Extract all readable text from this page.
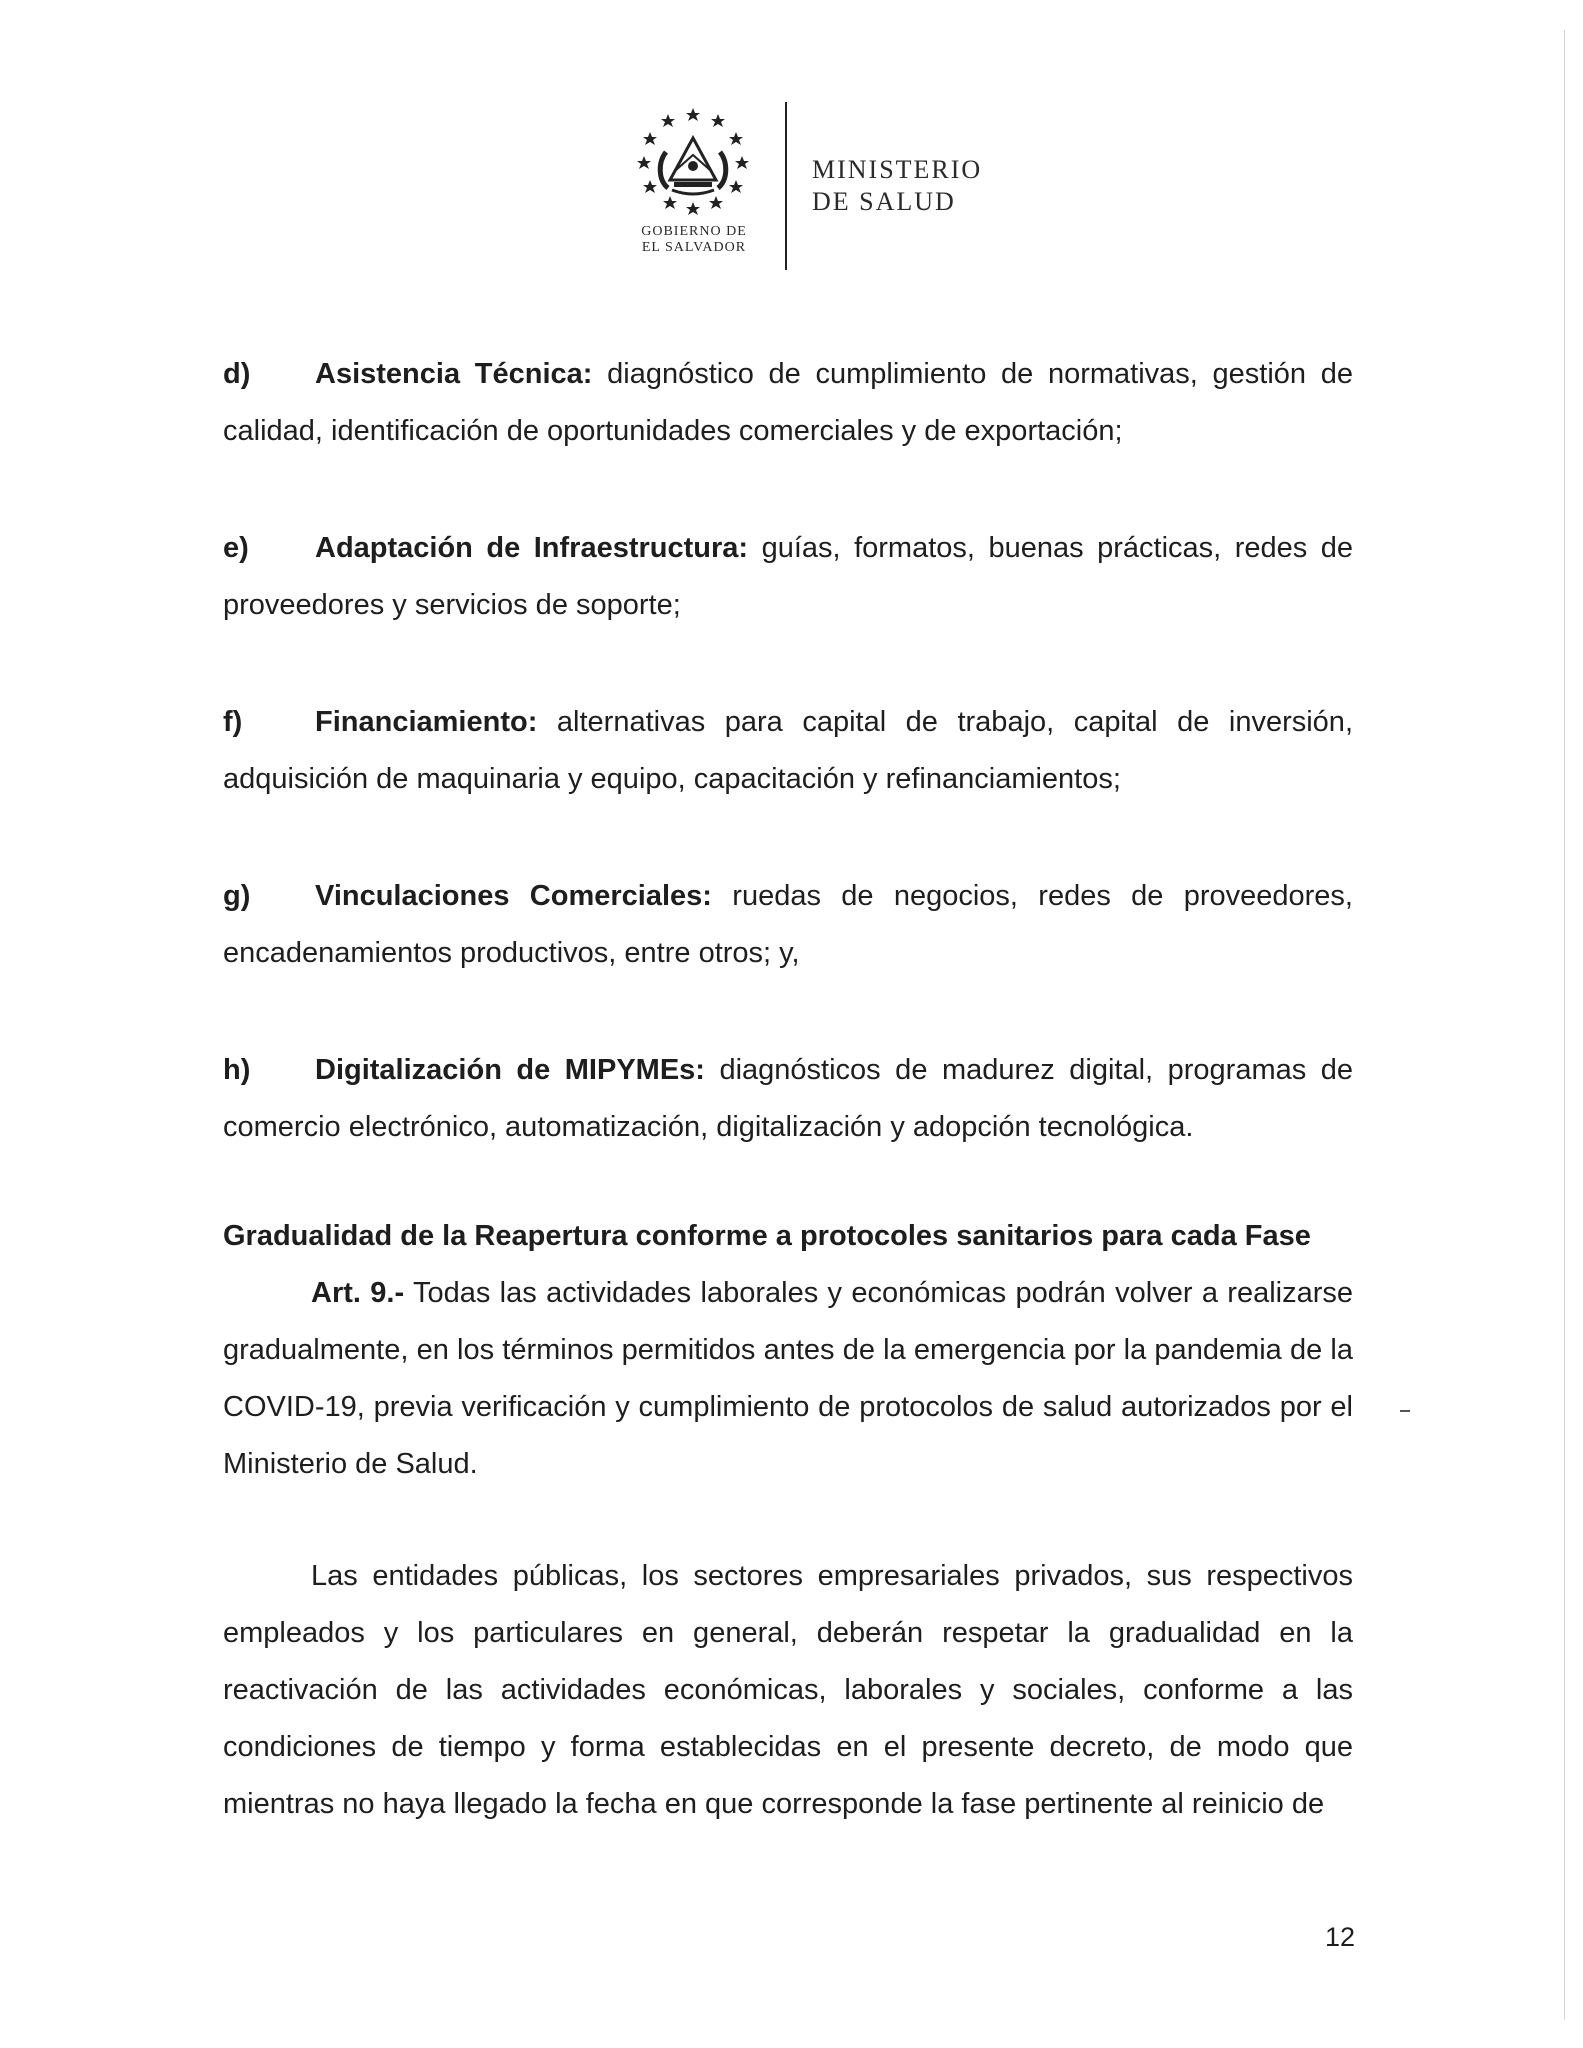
GOBIERNO DE
EL SALVADOR
MINISTERIO
DE SALUD
d) Asistencia Técnica: diagnóstico de cumplimiento de normativas, gestión de
calidad, identificación de oportunidades comerciales y de exportación;
e) Adaptación de Infraestructura: guías, formatos, buenas prácticas, redes de
proveedores y servicios de soporte;
f)	Financiamiento: alternativas para capital de trabajo, capital de inversión,
adquisición de maquinaria y equipo, capacitación y refinanciamientos;
g) Vinculaciones Comerciales: ruedas de negocios, redes de proveedores,
encadenamientos productivos, entre otros; y,
h) Digitalización de MIPYMEs: diagnósticos de madurez digital, programas de
comercio electrónico, automatización, digitalización y adopción tecnológica.

Gradualidad de la Reapertura conforme a protocoles sanitarios para cada Fase

Art. 9.- Todas las actividades laborales y económicas podrán volver a realizarse gradualmente, en los términos permitidos antes de la emergencia por la pandemia de la COVID-19, previa verificación y cumplimiento de protocolos de salud autorizados por el Ministerio de Salud.

Las entidades públicas, los sectores empresariales privados, sus respectivos empleados y los particulares en general, deberán respetar la gradualidad en la reactivación de las actividades económicas, laborales y sociales, conforme a las condiciones de tiempo y forma establecidas en el presente decreto, de modo que mientras no haya llegado la fecha en que corresponde la fase pertinente al reinicio de

12
